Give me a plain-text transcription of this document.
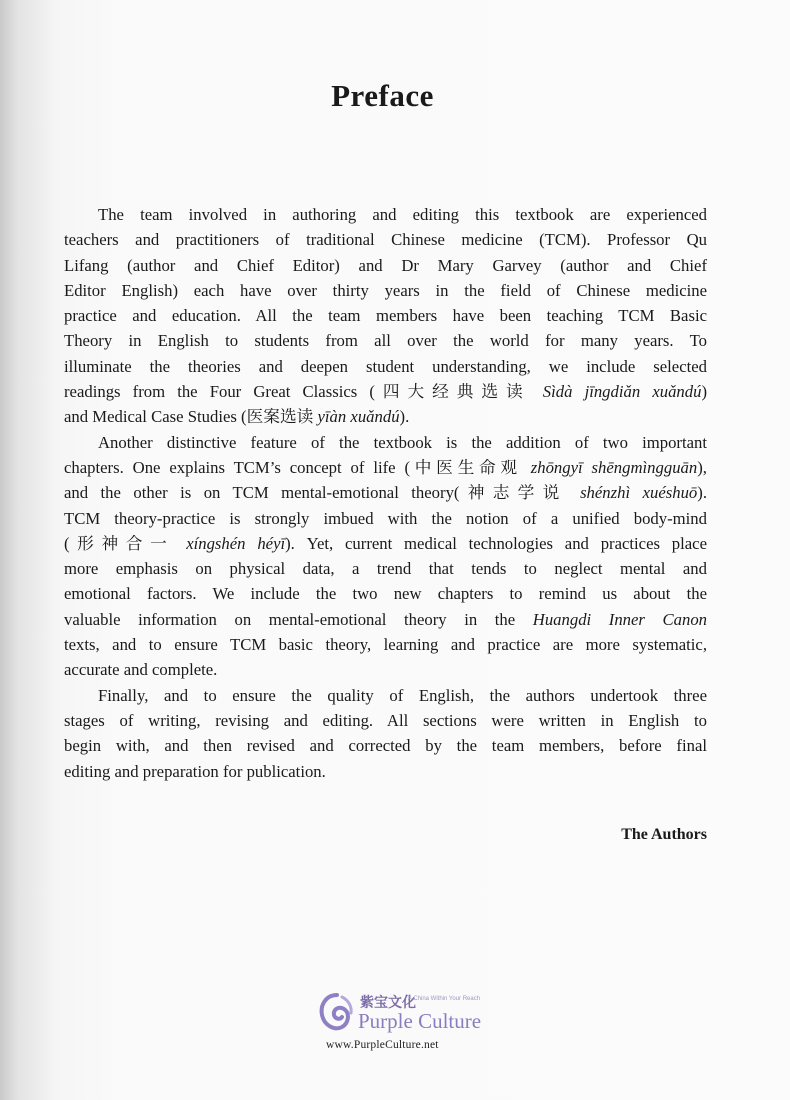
Preface

The team involved in authoring and editing this textbook are experienced
teachers and practitioners of traditional Chinese medicine (TCM). Professor Qu
Lifang (author and Chief Editor) and Dr Mary Garvey (author and Chief
Editor English) each have over thirty years in the field of Chinese medicine
practice and education. All the team members have been teaching TCM Basic
Theory in English to students from all over the world for many years. To
illuminate the theories and deepen student understanding, we include selected
readings from the Four Great Classics (四大经典选读 Sìdà jīngdiǎn xuǎndú)
and Medical Case Studies (医案选读 yīàn xuǎndú).

Another distinctive feature of the textbook is the addition of two important
chapters. One explains TCM’s concept of life (中医生命观 zhōngyī shēngmìngguān),
and the other is on TCM mental-emotional theory(神志学说 shénzhì xuéshuō).
TCM theory-practice is strongly imbued with the notion of a unified body-mind
(形神合一 xíngshén héyī). Yet, current medical technologies and practices place
more emphasis on physical data, a trend that tends to neglect mental and
emotional factors. We include the two new chapters to remind us about the
valuable information on mental-emotional theory in the Huangdi Inner Canon
texts, and to ensure TCM basic theory, learning and practice are more systematic,
accurate and complete.

Finally, and to ensure the quality of English, the authors undertook three
stages of writing, revising and editing. All sections were written in English to
begin with, and then revised and corrected by the team members, before final
editing and preparation for publication.

The Authors
紫宝文化
A China Within Your Reach
Purple Culture
www.PurpleCulture.net
